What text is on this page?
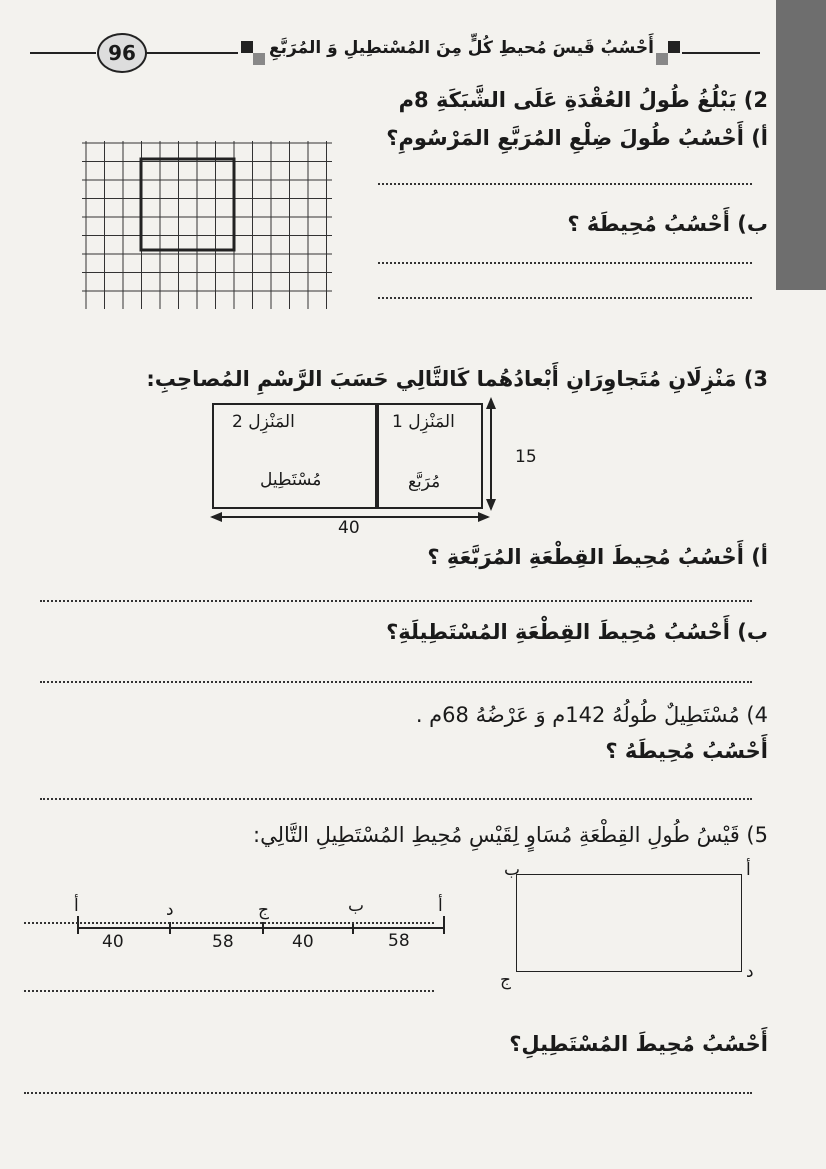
96	أَحْسُبُ قَيسَ مُحيطِ كُلٍّ مِنَ المُسْتطِيلِ وَ المُرَبَّعِ
2) يَبْلُغُ طُولُ العُقْدَةِ عَلَى الشَّبَكَةِ 8م
أ) أَحْسُبُ طُولَ ضِلْعِ المُرَبَّعِ المَرْسُومِ؟
ب) أَحْسُبُ مُحِيطَهُ ؟
3) مَنْزِلَانِ مُتَجاوِرَانِ أَبْعادُهُما كَالتَّالِي حَسَبَ الرَّسْمِ المُصاحِبِ:
المَنْزِل 2
مُسْتَطِيل
المَنْزِل 1
مُرَبَّع
15
40
أ) أَحْسُبُ مُحِيطَ القِطْعَةِ المُرَبَّعَةِ ؟
ب) أَحْسُبُ مُحِيطَ القِطْعَةِ المُسْتَطِيلَةِ؟
4) مُسْتَطِيلٌ طُولُهُ 142م وَ عَرْضُهُ 68م .
أَحْسُبُ مُحِيطَهُ ؟
5) قَيْسُ طُولِ القِطْعَةِ مُسَاوٍ لِقَيْسِ مُحِيطِ المُسْتَطِيلِ التَّالِي:
أ	د	ج	ب	أ
58
40
58
40
أ
ب
ج	د
أَحْسُبُ مُحِيطَ المُسْتَطِيلِ؟
